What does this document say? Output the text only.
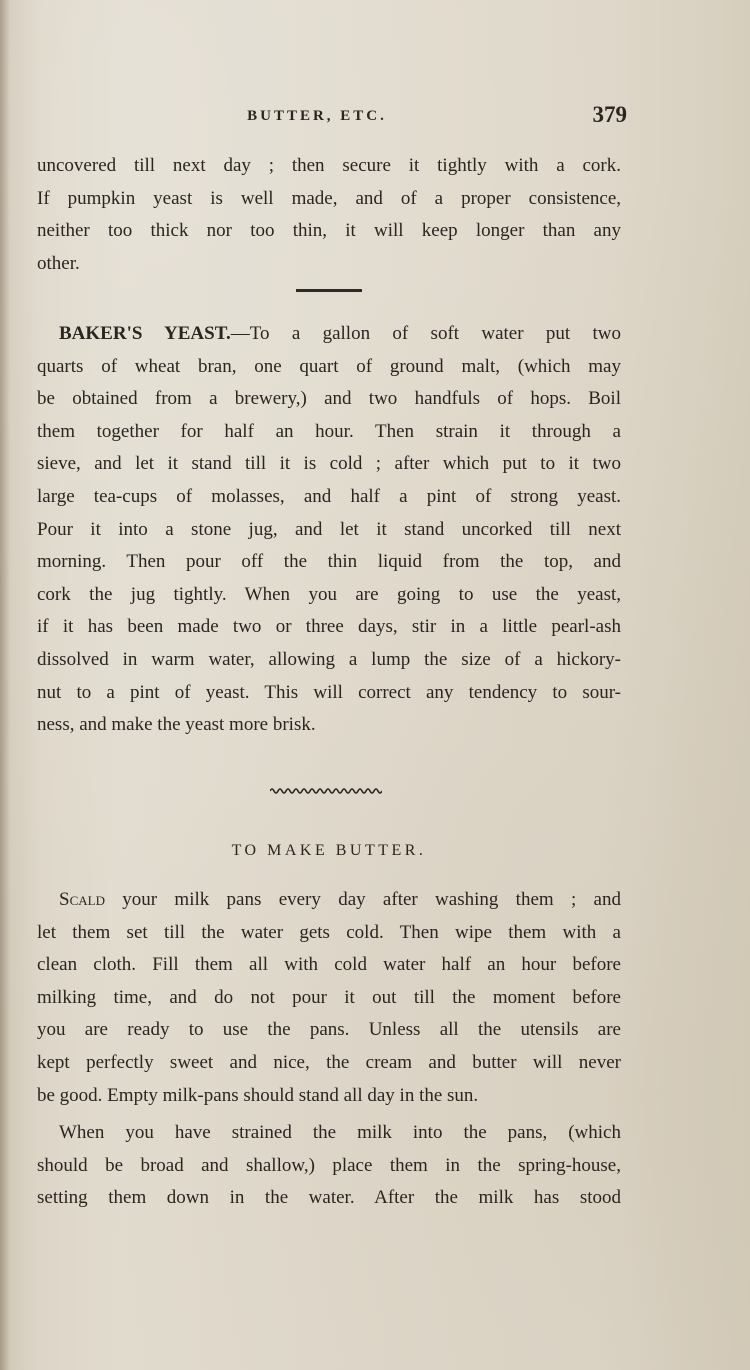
BUTTER, ETC.	379

uncovered till next day ; then secure it tightly with a cork.

If pumpkin yeast is well made, and of a proper consistence,

neither too thick nor too thin, it will keep longer than any

other.

BAKER'S YEAST.—To a gallon of soft water put two

quarts of wheat bran, one quart of ground malt, (which may

be obtained from a brewery,) and two handfuls of hops. Boil

them together for half an hour. Then strain it through a

sieve, and let it stand till it is cold ; after which put to it two

large tea-cups of molasses, and half a pint of strong yeast.

Pour it into a stone jug, and let it stand uncorked till next

morning. Then pour off the thin liquid from the top, and

cork the jug tightly. When you are going to use the yeast,

if it has been made two or three days, stir in a little pearl-ash

dissolved in warm water, allowing a lump the size of a hickory-

nut to a pint of yeast. This will correct any tendency to sour-

ness, and make the yeast more brisk.

TO MAKE BUTTER.

Scald your milk pans every day after washing them ; and

let them set till the water gets cold. Then wipe them with a

clean cloth. Fill them all with cold water half an hour before

milking time, and do not pour it out till the moment before

you are ready to use the pans. Unless all the utensils are

kept perfectly sweet and nice, the cream and butter will never

be good. Empty milk-pans should stand all day in the sun.

When you have strained the milk into the pans, (which

should be broad and shallow,) place them in the spring-house,

setting them down in the water. After the milk has stood
